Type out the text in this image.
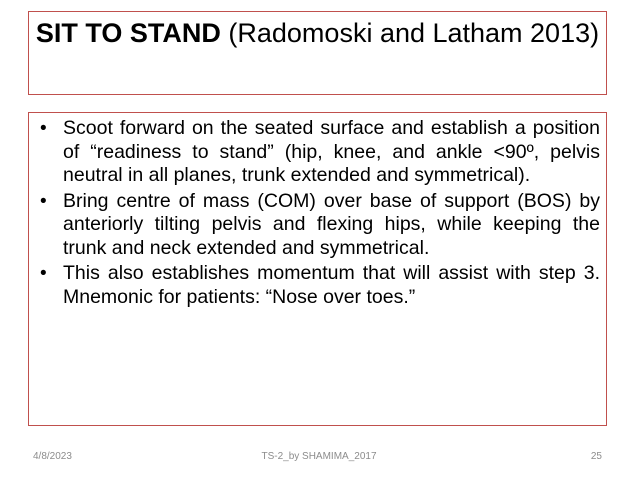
SIT TO STAND (Radomoski and Latham 2013)
• Scoot forward on the seated surface and establish a position of “readiness to stand” (hip, knee, and ankle <90º, pelvis neutral in all planes, trunk extended and symmetrical).
• Bring centre of mass (COM) over base of support (BOS) by anteriorly tilting pelvis and flexing hips, while keeping the trunk and neck extended and symmetrical.
• This also establishes momentum that will assist with step 3. Mnemonic for patients: “Nose over toes.”
4/8/2023	TS-2_by SHAMIMA_2017	25
